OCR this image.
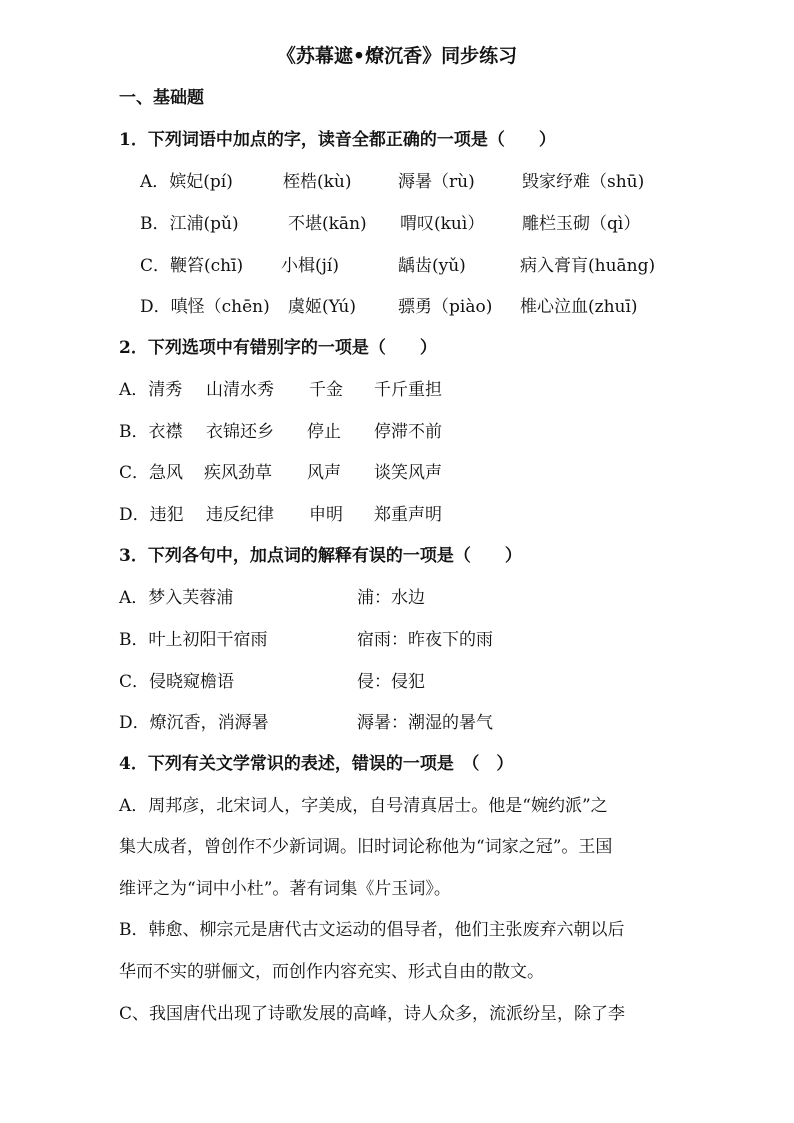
《苏幕遮•燎沉香》同步练习
一、基础题
1．下列词语中加点的字，读音全都正确的一项是（　　）
A．嫔妃(pí)	桎梏(kù)	溽暑（rù)	毁家纾难（shū)
B．江浦(pǔ)	不堪(kān) 喟叹(kuì） 雕栏玉砌（qì）
C．鞭笞(chī) 小楫(jí)	龋齿(yǔ)	病入膏肓(huāng)
D．嗔怪（chēn) 虞姬(Yú) 骠勇（piào) 椎心泣血(zhuī)
2．下列选项中有错别字的一项是（　　）
A．清秀 山清水秀 千金 千斤重担
B．衣襟 衣锦还乡 停止 停滞不前
C．急风 疾风劲草 风声 谈笑风声
D．违犯 违反纪律 申明 郑重声明
3．下列各句中，加点词的解释有误的一项是（　　）
A．梦入芙蓉浦	浦：水边
B．叶上初阳干宿雨	宿雨：昨夜下的雨
C．侵晓窥檐语	侵：侵犯
D．燎沉香，消溽暑	溽暑：潮湿的暑气
4．下列有关文学常识的表述，错误的一项是　（　）
A．周邦彦，北宋词人，字美成，自号清真居士。他是“婉约派”之
集大成者，曾创作不少新词调。旧时词论称他为“词家之冠”。王国
维评之为“词中小杜”。著有词集《片玉词》。
B．韩愈、柳宗元是唐代古文运动的倡导者，他们主张废弃六朝以后
华而不实的骈俪文，而创作内容充实、形式自由的散文。
C、我国唐代出现了诗歌发展的高峰，诗人众多，流派纷呈，除了李
